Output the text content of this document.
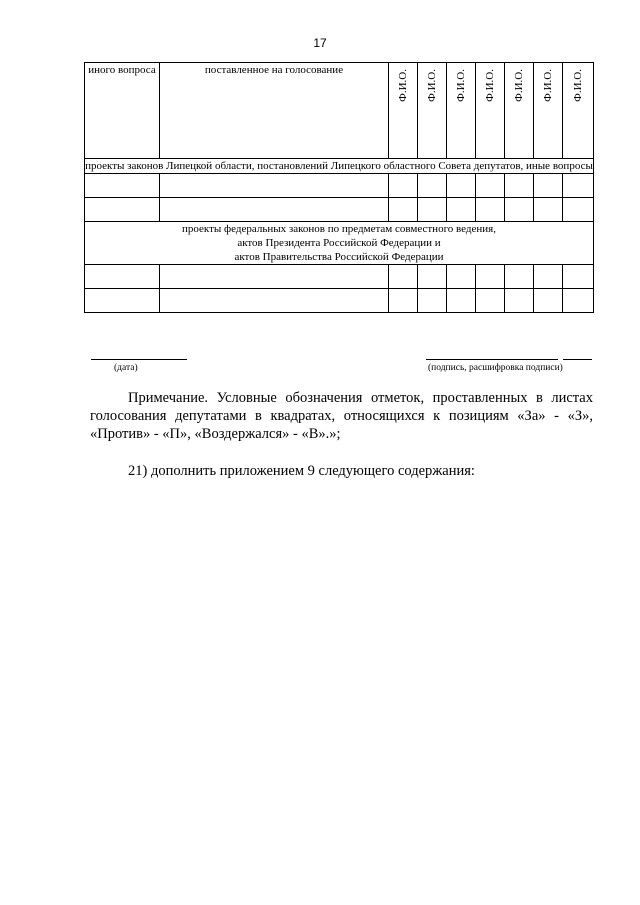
17
иного вопроса	поставленное на голосование	Ф.И.О.	Ф.И.О.	Ф.И.О.	Ф.И.О.	Ф.И.О.	Ф.И.О.	Ф.И.О.

проекты законов Липецкой области, постановлений Липецкого областного Совета депутатов, иные вопросы								

проекты федеральных законов по предметам совместного ведения,
актов Президента Российской Федерации и
актов Правительства Российской Федерации								

(дата)	(подпись, расшифровка подписи)
Примечание. Условные обозначения отметок, проставленных в листах голосования депутатами в квадратах, относящихся к позициям «За» - «З», «Против» - «П», «Воздержался» - «В».»;
21) дополнить приложением 9 следующего содержания:
